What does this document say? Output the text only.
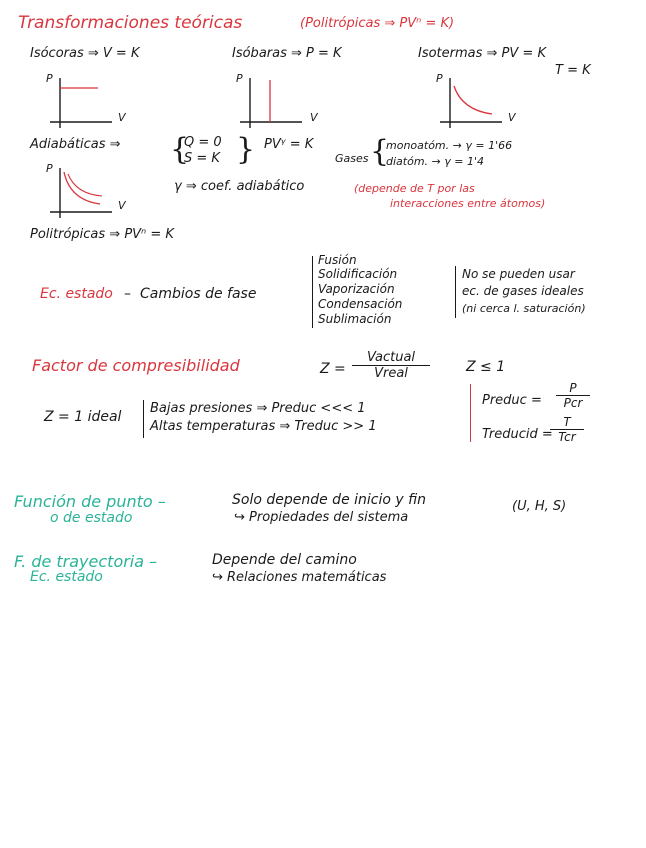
Transformaciones teóricas	(Politrópicas ⇒ PVⁿ = K)
Isócoras ⇒ V = K	Isóbaras ⇒ P = K	Isotermas ⇒ PV = K
T = K
P
V
P
V
P
V
Adiabáticas ⇒ {
Q = 0
S = K } PVᵞ = K
Gases {
monoatóm. → γ = 1'66
diatóm. → γ = 1'4
P
V
γ ⇒ coef. adiabático	(depende de T por las
interacciones entre átomos)
Politrópicas ⇒ PVⁿ = K
Ec. estado – Cambios de fase
Fusión
Solidificación
Vaporización
Condensación
Sublimación
No se pueden usar
ec. de gases ideales
(ni cerca l. saturación)
Factor de compresibilidad	Z =
Vactual
Vreal	Z ≤ 1
Z = 1 ideal
Bajas presiones ⇒ Preduc <<< 1
Altas temperaturas ⇒ Treduc >> 1
Preduc =
P
Pcr
Treducid =
T
Tcr
Función de punto –
o de estado
Solo depende de inicio y fin	(U, H, S)
↪ Propiedades del sistema
F. de trayectoria –
Ec. estado
Depende del camino
↪ Relaciones matemáticas
